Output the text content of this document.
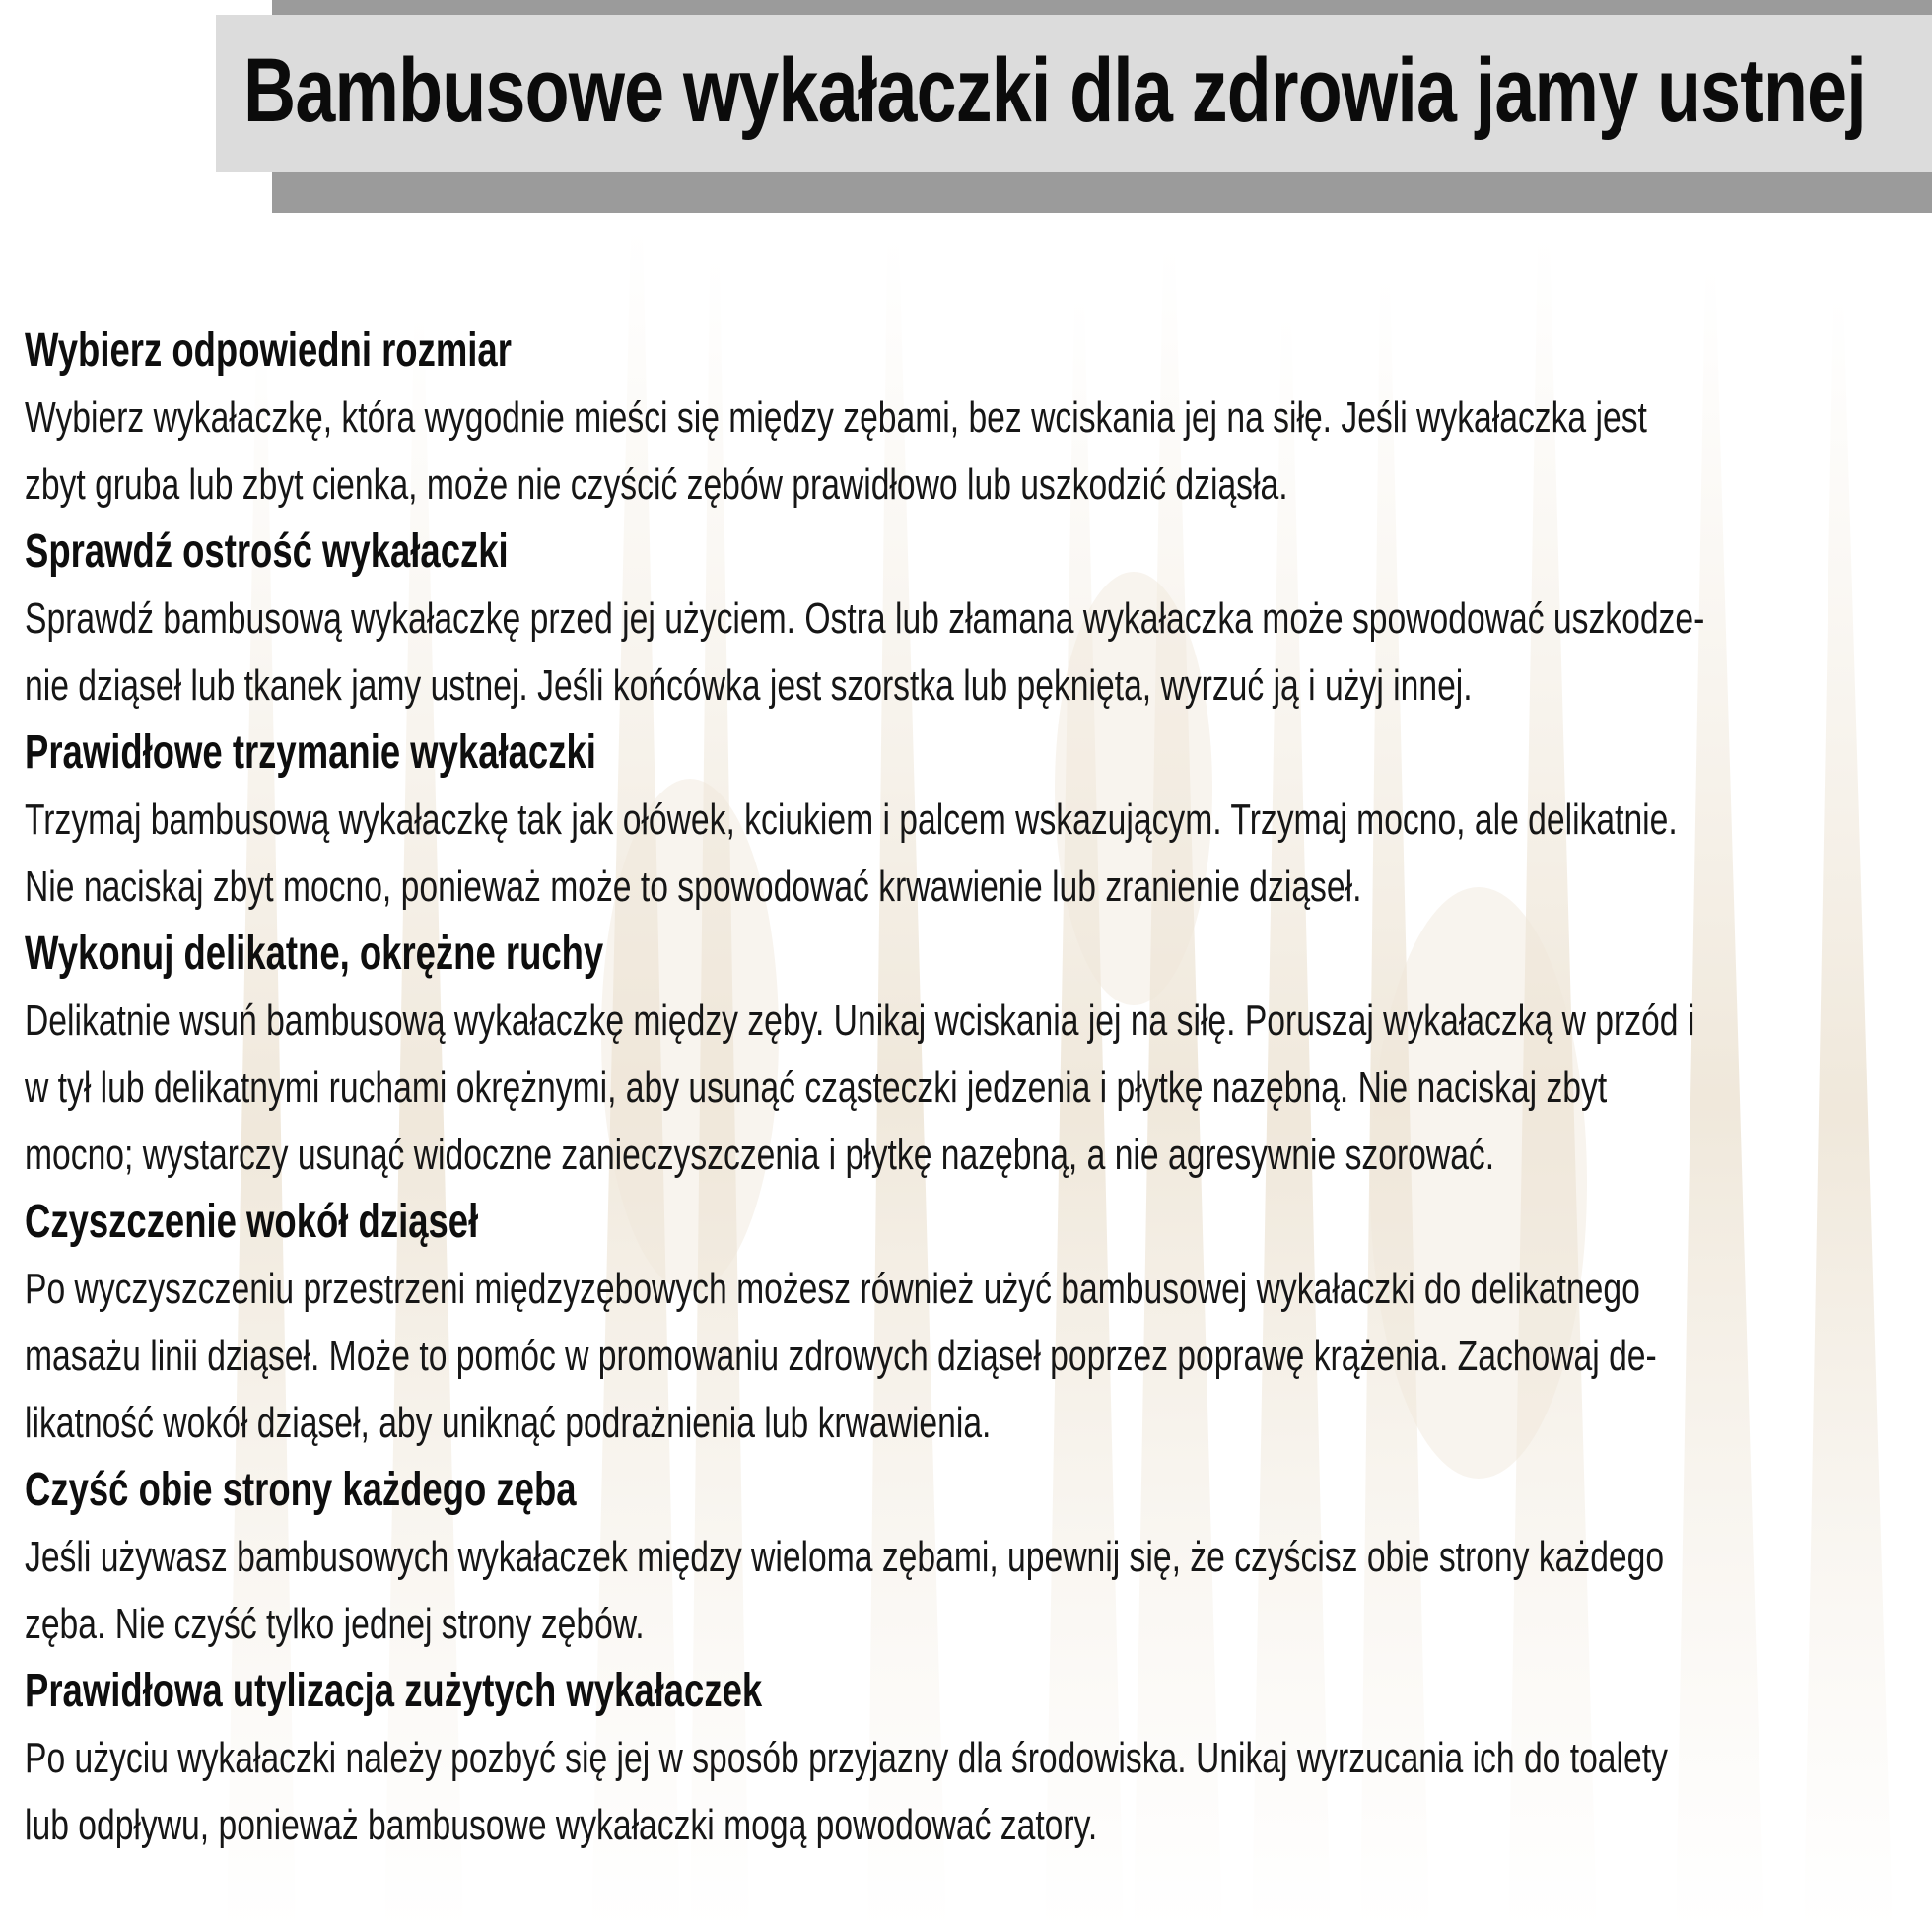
Bambusowe wykałaczki dla zdrowia jamy ustnej
Wybierz odpowiedni rozmiar

Wybierz wykałaczkę, która wygodnie mieści się między zębami, bez wciskania jej na siłę. Jeśli wykałaczka jest
zbyt gruba lub zbyt cienka, może nie czyścić zębów prawidłowo lub uszkodzić dziąsła.

Sprawdź ostrość wykałaczki

Sprawdź bambusową wykałaczkę przed jej użyciem. Ostra lub złamana wykałaczka może spowodować uszkodze-
nie dziąseł lub tkanek jamy ustnej. Jeśli końcówka jest szorstka lub pęknięta, wyrzuć ją i użyj innej.

Prawidłowe trzymanie wykałaczki

Trzymaj bambusową wykałaczkę tak jak ołówek, kciukiem i palcem wskazującym. Trzymaj mocno, ale delikatnie.
Nie naciskaj zbyt mocno, ponieważ może to spowodować krwawienie lub zranienie dziąseł.

Wykonuj delikatne, okrężne ruchy

Delikatnie wsuń bambusową wykałaczkę między zęby. Unikaj wciskania jej na siłę. Poruszaj wykałaczką w przód i
w tył lub delikatnymi ruchami okrężnymi, aby usunąć cząsteczki jedzenia i płytkę nazębną. Nie naciskaj zbyt
mocno; wystarczy usunąć widoczne zanieczyszczenia i płytkę nazębną, a nie agresywnie szorować.

Czyszczenie wokół dziąseł

Po wyczyszczeniu przestrzeni międzyzębowych możesz również użyć bambusowej wykałaczki do delikatnego
masażu linii dziąseł. Może to pomóc w promowaniu zdrowych dziąseł poprzez poprawę krążenia. Zachowaj de-
likatność wokół dziąseł, aby uniknąć podrażnienia lub krwawienia.

Czyść obie strony każdego zęba

Jeśli używasz bambusowych wykałaczek między wieloma zębami, upewnij się, że czyścisz obie strony każdego
zęba. Nie czyść tylko jednej strony zębów.

Prawidłowa utylizacja zużytych wykałaczek

Po użyciu wykałaczki należy pozbyć się jej w sposób przyjazny dla środowiska. Unikaj wyrzucania ich do toalety
lub odpływu, ponieważ bambusowe wykałaczki mogą powodować zatory.
